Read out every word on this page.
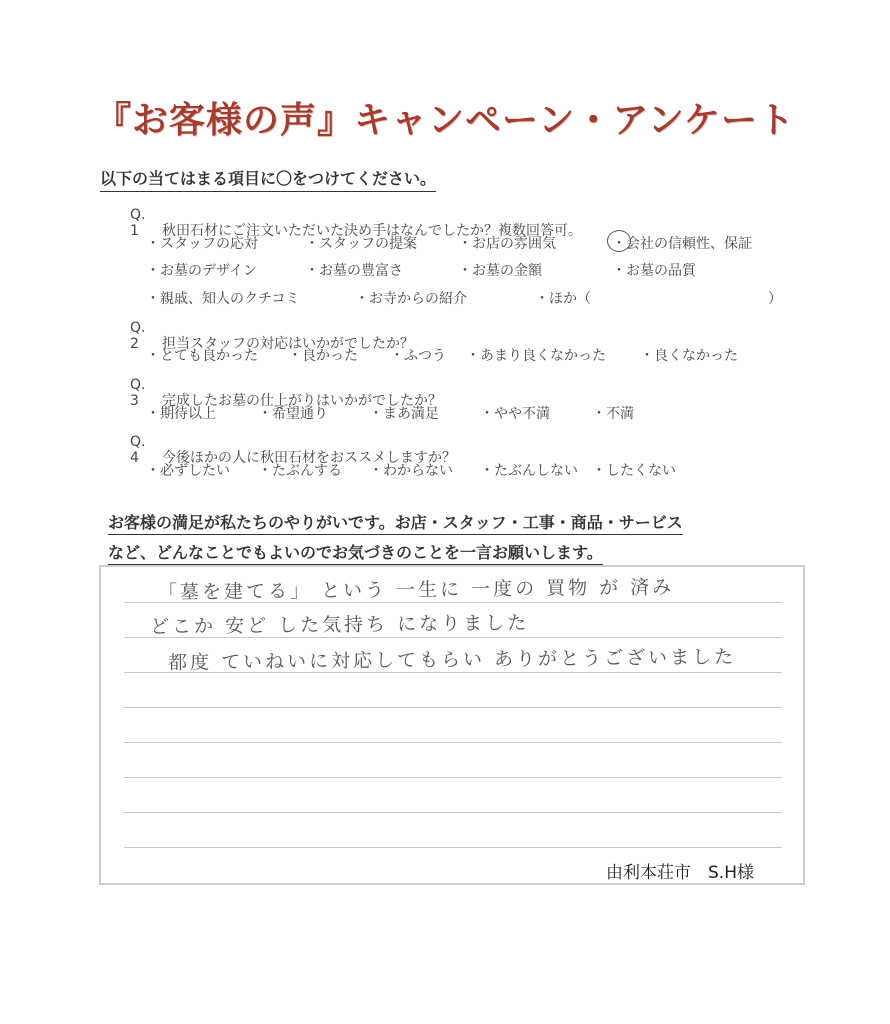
『お客様の声』キャンペーン・アンケート
以下の当てはまる項目に〇をつけてください。
Q. 1 秋田石材にご注文いただいた決め手はなんでしたか？複数回答可。
・スタッフの応対	・スタッフの提案	・お店の雰囲気	・会社の信頼性、保証
・お墓のデザイン	・お墓の豊富さ	・お墓の金額	・お墓の品質
・親戚、知人のクチコミ	・お寺からの紹介	・ほか（	）
Q. 2 担当スタッフの対応はいかがでしたか？
・とても良かった ・良かった ・ふつう ・あまり良くなかった ・良くなかった
Q. 3 完成したお墓の仕上がりはいかがでしたか？
・期待以上	・希望通り	・まあ満足	・やや不満	・不満
Q. 4 今後ほかの人に秋田石材をおススメしますか？
・必ずしたい ・たぶんする ・わからない ・たぶんしない ・したくない
お客様の満足が私たちのやりがいです。お店・スタッフ・工事・商品・サービス
など、どんなことでもよいのでお気づきのことを一言お願いします。
「墓を建てる」 という 一生に 一度の 買物 が 済み
どこか 安ど した気持ち になりました
都度 ていねいに対応してもらい ありがとうございました
由利本荘市　S.H様
